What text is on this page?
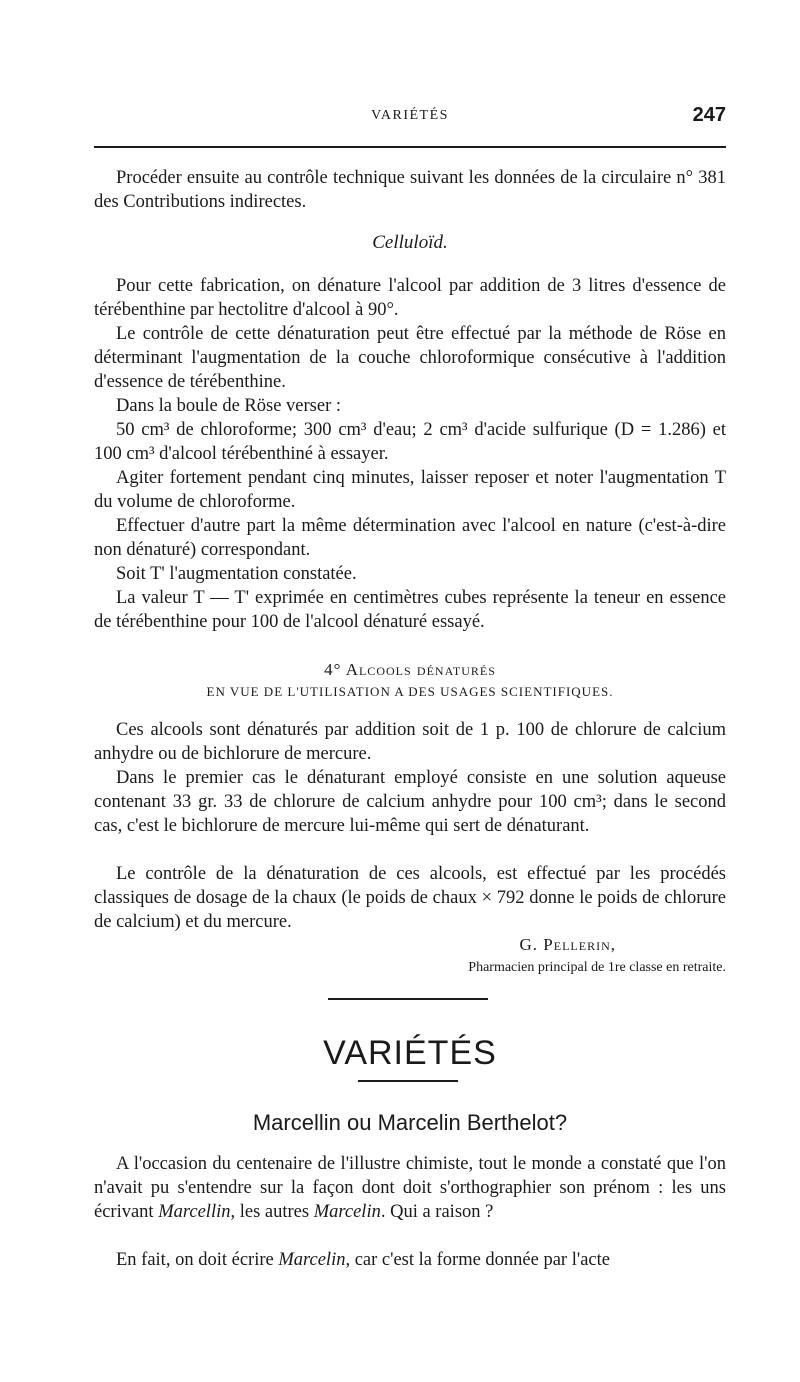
VARIÉTÉS	247

Procéder ensuite au contrôle technique suivant les données de la circulaire n° 381 des Contributions indirectes.

Celluloïd.

Pour cette fabrication, on dénature l'alcool par addition de 3 litres d'essence de térébenthine par hectolitre d'alcool à 90°.

Le contrôle de cette dénaturation peut être effectué par la méthode de Röse en déterminant l'augmentation de la couche chloroformique consécutive à l'addition d'essence de térébenthine.

Dans la boule de Röse verser :

50 cm³ de chloroforme; 300 cm³ d'eau; 2 cm³ d'acide sulfurique (D = 1.286) et 100 cm³ d'alcool térébenthiné à essayer.

Agiter fortement pendant cinq minutes, laisser reposer et noter l'augmentation T du volume de chloroforme.

Effectuer d'autre part la même détermination avec l'alcool en nature (c'est-à-dire non dénaturé) correspondant.

Soit T' l'augmentation constatée.

La valeur T — T' exprimée en centimètres cubes représente la teneur en essence de térébenthine pour 100 de l'alcool dénaturé essayé.

4° Alcools dénaturés
EN VUE DE L'UTILISATION A DES USAGES SCIENTIFIQUES.

Ces alcools sont dénaturés par addition soit de 1 p. 100 de chlorure de calcium anhydre ou de bichlorure de mercure.

Dans le premier cas le dénaturant employé consiste en une solution aqueuse contenant 33 gr. 33 de chlorure de calcium anhydre pour 100 cm³; dans le second cas, c'est le bichlorure de mercure lui-même qui sert de dénaturant.

Le contrôle de la dénaturation de ces alcools, est effectué par les procédés classiques de dosage de la chaux (le poids de chaux × 792 donne le poids de chlorure de calcium) et du mercure.

G. Pellerin,
Pharmacien principal de 1re classe en retraite.
VARIÉTÉS
Marcellin ou Marcelin Berthelot?

A l'occasion du centenaire de l'illustre chimiste, tout le monde a constaté que l'on n'avait pu s'entendre sur la façon dont doit s'orthographier son prénom : les uns écrivant Marcellin, les autres Marcelin. Qui a raison ?

En fait, on doit écrire Marcelin, car c'est la forme donnée par l'acte
